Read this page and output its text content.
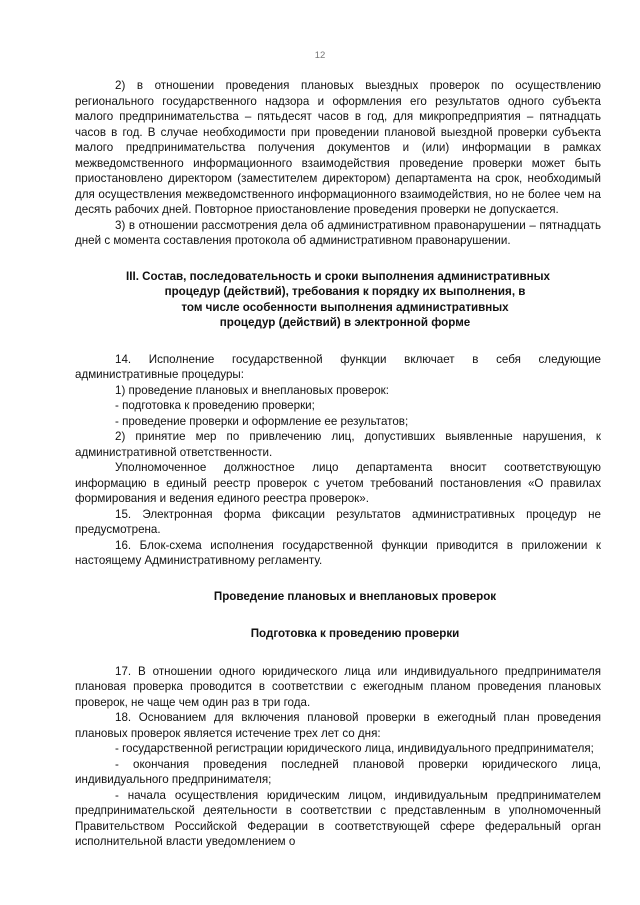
12

2) в отношении проведения плановых выездных проверок по осуществлению регионального государственного надзора и оформления его результатов одного субъекта малого предпринимательства – пятьдесят часов в год, для микропредприятия – пятнадцать часов в год. В случае необходимости при проведении плановой выездной проверки субъекта малого предпринимательства получения документов и (или) информации в рамках межведомственного информационного взаимодействия проведение проверки может быть приостановлено директором (заместителем директором) департамента на срок, необходимый для осуществления межведомственного информационного взаимодействия, но не более чем на десять рабочих дней. Повторное приостановление проведения проверки не допускается.

3) в отношении рассмотрения дела об административном правонарушении – пятнадцать дней с момента составления протокола об административном правонарушении.

III. Состав, последовательность и сроки выполнения административных

процедур (действий), требования к порядку их выполнения, в

том числе особенности выполнения административных

процедур (действий) в электронной форме

14. Исполнение государственной функции включает в себя следующие административные процедуры:

1) проведение плановых и внеплановых проверок:

- подготовка к проведению проверки;

- проведение проверки и оформление ее результатов;

2) принятие мер по привлечению лиц, допустивших выявленные нарушения, к административной ответственности.

Уполномоченное должностное лицо департамента вносит соответствующую информацию в единый реестр проверок с учетом требований постановления «О правилах формирования и ведения единого реестра проверок».

15. Электронная форма фиксации результатов административных процедур не предусмотрена.

16. Блок-схема исполнения государственной функции приводится в приложении к настоящему Административному регламенту.

Проведение плановых и внеплановых проверок

Подготовка к проведению проверки

17. В отношении одного юридического лица или индивидуального предпринимателя плановая проверка проводится в соответствии с ежегодным планом проведения плановых проверок, не чаще чем один раз в три года.

18. Основанием для включения плановой проверки в ежегодный план проведения плановых проверок является истечение трех лет со дня:

- государственной регистрации юридического лица, индивидуального предпринимателя;

- окончания проведения последней плановой проверки юридического лица, индивидуального предпринимателя;

- начала осуществления юридическим лицом, индивидуальным предпринимателем предпринимательской деятельности в соответствии с представленным в уполномоченный Правительством Российской Федерации в соответствующей сфере федеральный орган исполнительной власти уведомлением о
